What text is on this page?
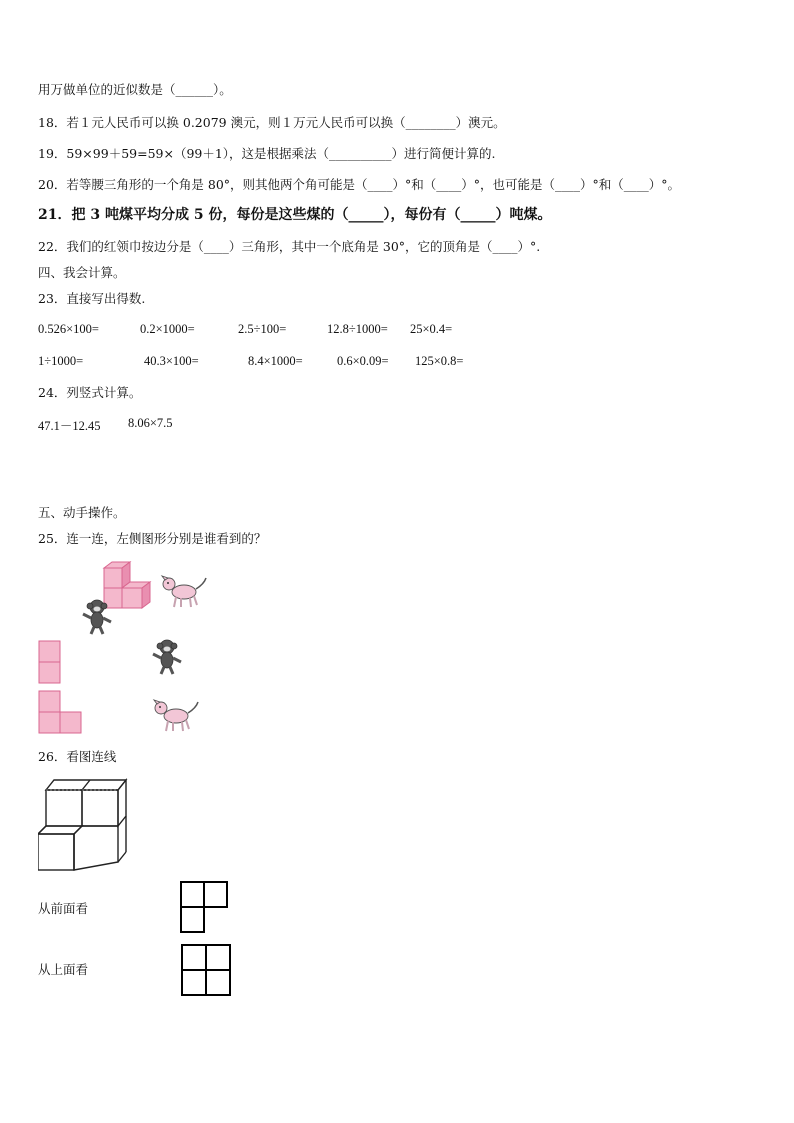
用万做单位的近似数是（______）。
18．若１元人民币可以换 0.2079 澳元，则１万元人民币可以换（________）澳元。
19．59×99＋59=59×（99＋1），这是根据乘法（__________）进行简便计算的.
20．若等腰三角形的一个角是 80°，则其他两个角可能是（____）°和（____）°，也可能是（____）°和（____）°。
21．把 3 吨煤平均分成 5 份，每份是这些煤的（_____），每份有（_____）吨煤。
22．我们的红领巾按边分是（____）三角形，其中一个底角是 30°，它的顶角是（____）°.
四、我会计算。
23．直接写出得数.
0.526×100=	0.2×1000=	2.5÷100=	12.8÷1000= 25×0.4=
1÷1000=	40.3×100=	8.4×1000=	0.6×0.09= 125×0.8=
24．列竖式计算。
47.1－12.45 8.06×7.5
五、动手操作。
25．连一连，左侧图形分别是谁看到的？
26．看图连线
从前面看
从上面看
